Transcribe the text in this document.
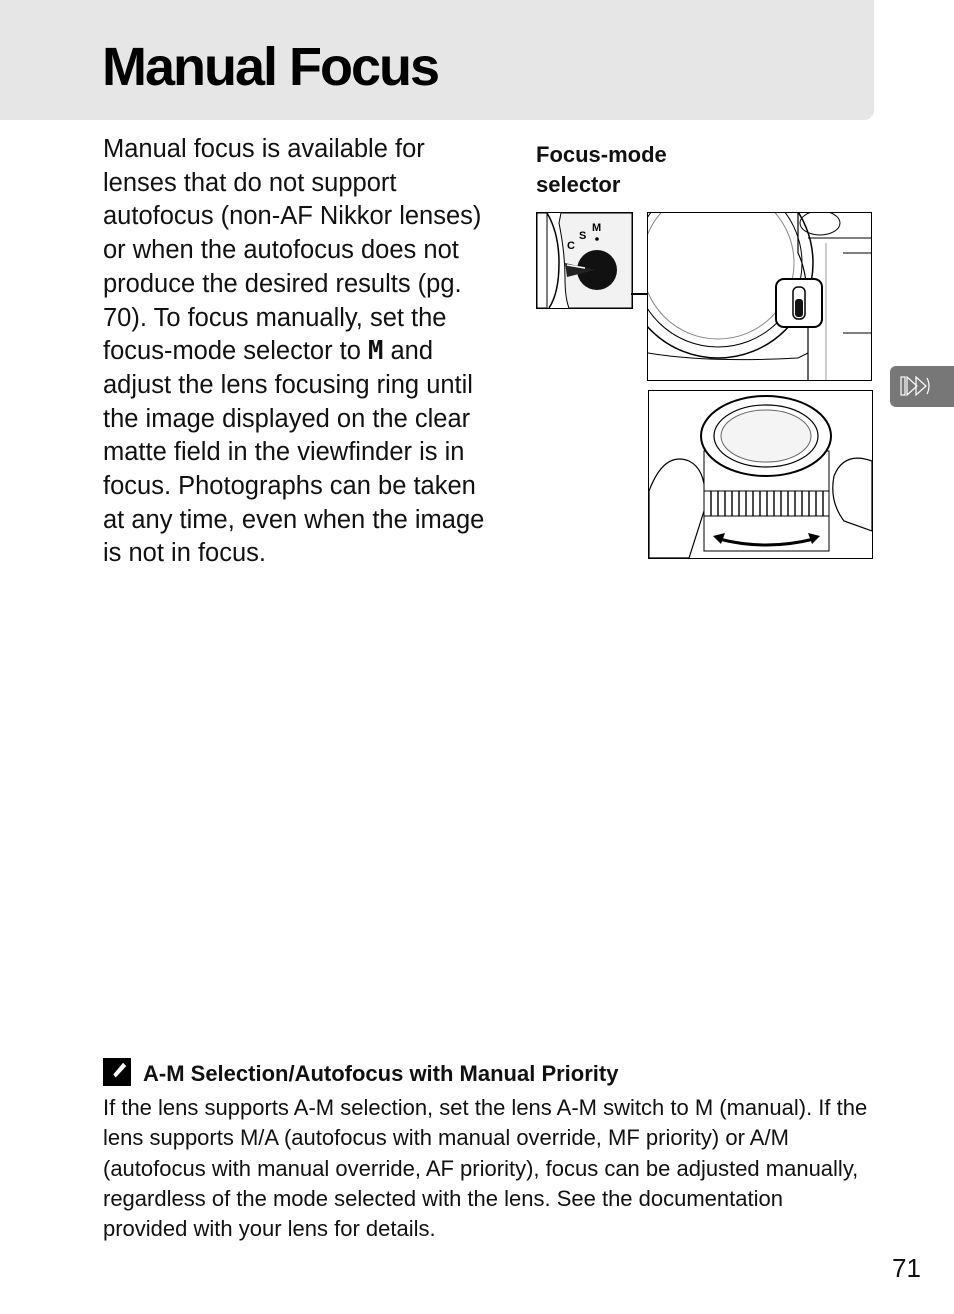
Manual Focus

Manual focus is available for lenses that do not support autofocus (non-AF Nikkor lenses) or when the autofocus does not produce the desired results (pg. 70). To focus manually, set the focus-mode selector to M and adjust the lens focusing ring until the image displayed on the clear matte field in the viewfinder is in focus. Photographs can be taken at any time, even when the image is not in focus.

Focus-mode selector
C
S
M
A-M Selection/Autofocus with Manual Priority

If the lens supports A-M selection, set the lens A-M switch to M (manual). If the lens supports M/A (autofocus with manual override, MF priority) or A/M (autofocus with manual override, AF priority), focus can be adjusted manually, regardless of the mode selected with the lens. See the documentation provided with your lens for details.

71
